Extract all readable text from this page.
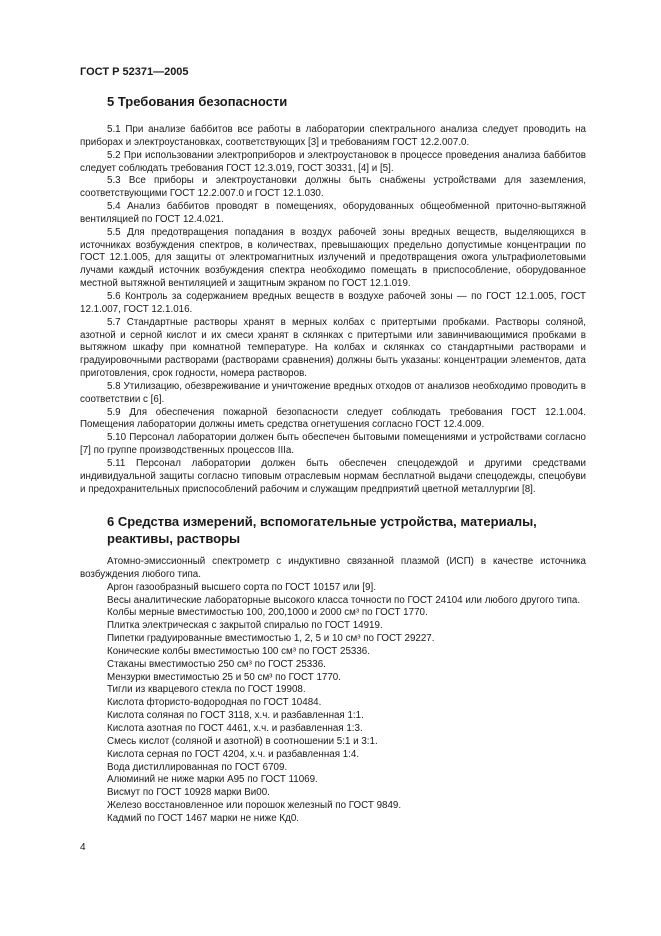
ГОСТ Р 52371—2005
5 Требования безопасности

5.1 При анализе баббитов все работы в лаборатории спектрального анализа следует проводить на приборах и электроустановках, соответствующих [3] и требованиям ГОСТ 12.2.007.0.

5.2 При использовании электроприборов и электроустановок в процессе проведения анализа баббитов следует соблюдать требования ГОСТ 12.3.019, ГОСТ 30331, [4] и [5].

5.3 Все приборы и электроустановки должны быть снабжены устройствами для заземления, соответствующими ГОСТ 12.2.007.0 и ГОСТ 12.1.030.

5.4 Анализ баббитов проводят в помещениях, оборудованных общеобменной приточно-вытяжной вентиляцией по ГОСТ 12.4.021.

5.5 Для предотвращения попадания в воздух рабочей зоны вредных веществ, выделяющихся в источниках возбуждения спектров, в количествах, превышающих предельно допустимые концентрации по ГОСТ 12.1.005, для защиты от электромагнитных излучений и предотвращения ожога ультрафиолетовыми лучами каждый источник возбуждения спектра необходимо помещать в приспособление, оборудованное местной вытяжной вентиляцией и защитным экраном по ГОСТ 12.1.019.

5.6 Контроль за содержанием вредных веществ в воздухе рабочей зоны — по ГОСТ 12.1.005, ГОСТ 12.1.007, ГОСТ 12.1.016.

5.7 Стандартные растворы хранят в мерных колбах с притертыми пробками. Растворы соляной, азотной и серной кислот и их смеси хранят в склянках с притертыми или завинчивающимися пробками в вытяжном шкафу при комнатной температуре. На колбах и склянках со стандартными растворами и градуировочными растворами (растворами сравнения) должны быть указаны: концентрации элементов, дата приготовления, срок годности, номера растворов.

5.8 Утилизацию, обезвреживание и уничтожение вредных отходов от анализов необходимо проводить в соответствии с [6].

5.9 Для обеспечения пожарной безопасности следует соблюдать требования ГОСТ 12.1.004. Помещения лаборатории должны иметь средства огнетушения согласно ГОСТ 12.4.009.

5.10 Персонал лаборатории должен быть обеспечен бытовыми помещениями и устройствами согласно [7] по группе производственных процессов IIIа.

5.11 Персонал лаборатории должен быть обеспечен спецодеждой и другими средствами индивидуальной защиты согласно типовым отраслевым нормам бесплатной выдачи спецодежды, спецобуви и предохранительных приспособлений рабочим и служащим предприятий цветной металлургии [8].

6 Средства измерений, вспомогательные устройства, материалы, реактивы, растворы

Атомно-эмиссионный спектрометр с индуктивно связанной плазмой (ИСП) в качестве источника возбуждения любого типа.

Аргон газообразный высшего сорта по ГОСТ 10157 или [9].

Весы аналитические лабораторные высокого класса точности по ГОСТ 24104 или любого другого типа.

Колбы мерные вместимостью 100, 200,1000 и 2000 см³ по ГОСТ 1770.

Плитка электрическая с закрытой спиралью по ГОСТ 14919.

Пипетки градуированные вместимостью 1, 2, 5 и 10 см³ по ГОСТ 29227.

Конические колбы вместимостью 100 см³ по ГОСТ 25336.

Стаканы вместимостью 250 см³ по ГОСТ 25336.

Мензурки вместимостью 25 и 50 см³ по ГОСТ 1770.

Тигли из кварцевого стекла по ГОСТ 19908.

Кислота фтористо-водородная по ГОСТ 10484.

Кислота соляная по ГОСТ 3118, х.ч. и разбавленная 1:1.

Кислота азотная по ГОСТ 4461, х.ч. и разбавленная 1:3.

Смесь кислот (соляной и азотной) в соотношении 5:1 и 3:1.

Кислота серная по ГОСТ 4204, х.ч. и разбавленная 1:4.

Вода дистиллированная по ГОСТ 6709.

Алюминий не ниже марки А95 по ГОСТ 11069.

Висмут по ГОСТ 10928 марки Ви00.

Железо восстановленное или порошок железный по ГОСТ 9849.

Кадмий по ГОСТ 1467 марки не ниже Кд0.

4
